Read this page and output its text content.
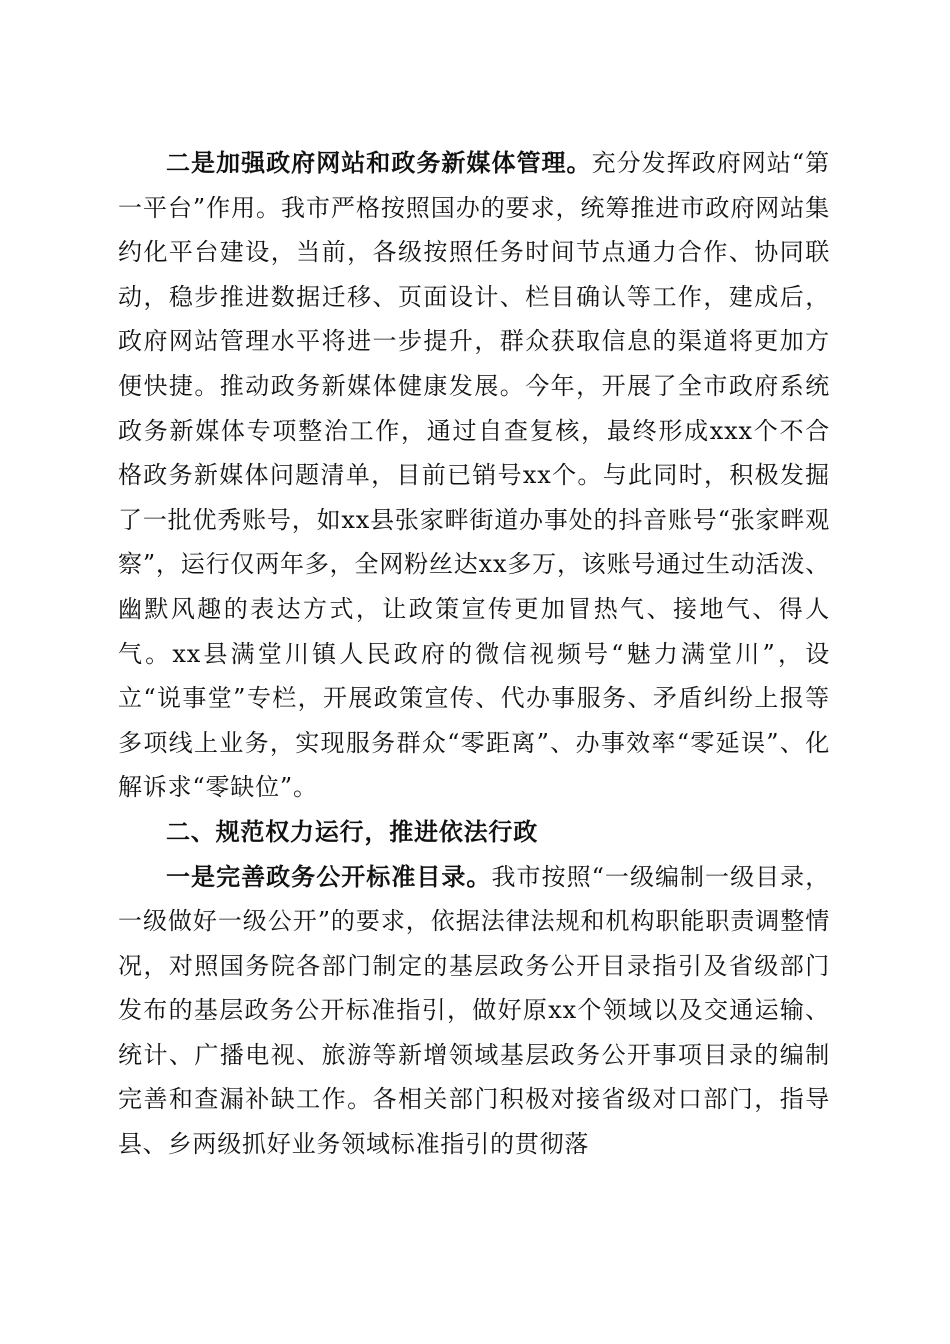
二是加强政府网站和政务新媒体管理。充分发挥政府网站“第一平台”作用。我市严格按照国办的要求，统筹推进市政府网站集约化平台建设，当前，各级按照任务时间节点通力合作、协同联动，稳步推进数据迁移、页面设计、栏目确认等工作，建成后，政府网站管理水平将进一步提升，群众获取信息的渠道将更加方便快捷。推动政务新媒体健康发展。今年，开展了全市政府系统政务新媒体专项整治工作，通过自查复核，最终形成xxx个不合格政务新媒体问题清单，目前已销号xx个。与此同时，积极发掘了一批优秀账号，如xx县张家畔街道办事处的抖音账号“张家畔观察”，运行仅两年多，全网粉丝达xx多万，该账号通过生动活泼、幽默风趣的表达方式，让政策宣传更加冒热气、接地气、得人气。xx县满堂川镇人民政府的微信视频号“魅力满堂川”，设立“说事堂”专栏，开展政策宣传、代办事服务、矛盾纠纷上报等多项线上业务，实现服务群众“零距离”、办事效率“零延误”、化解诉求“零缺位”。

二、规范权力运行，推进依法行政

一是完善政务公开标准目录。我市按照“一级编制一级目录，一级做好一级公开”的要求，依据法律法规和机构职能职责调整情况，对照国务院各部门制定的基层政务公开目录指引及省级部门发布的基层政务公开标准指引，做好原xx个领域以及交通运输、统计、广播电视、旅游等新增领域基层政务公开事项目录的编制完善和查漏补缺工作。各相关部门积极对接省级对口部门，指导县、乡两级抓好业务领域标准指引的贯彻落
